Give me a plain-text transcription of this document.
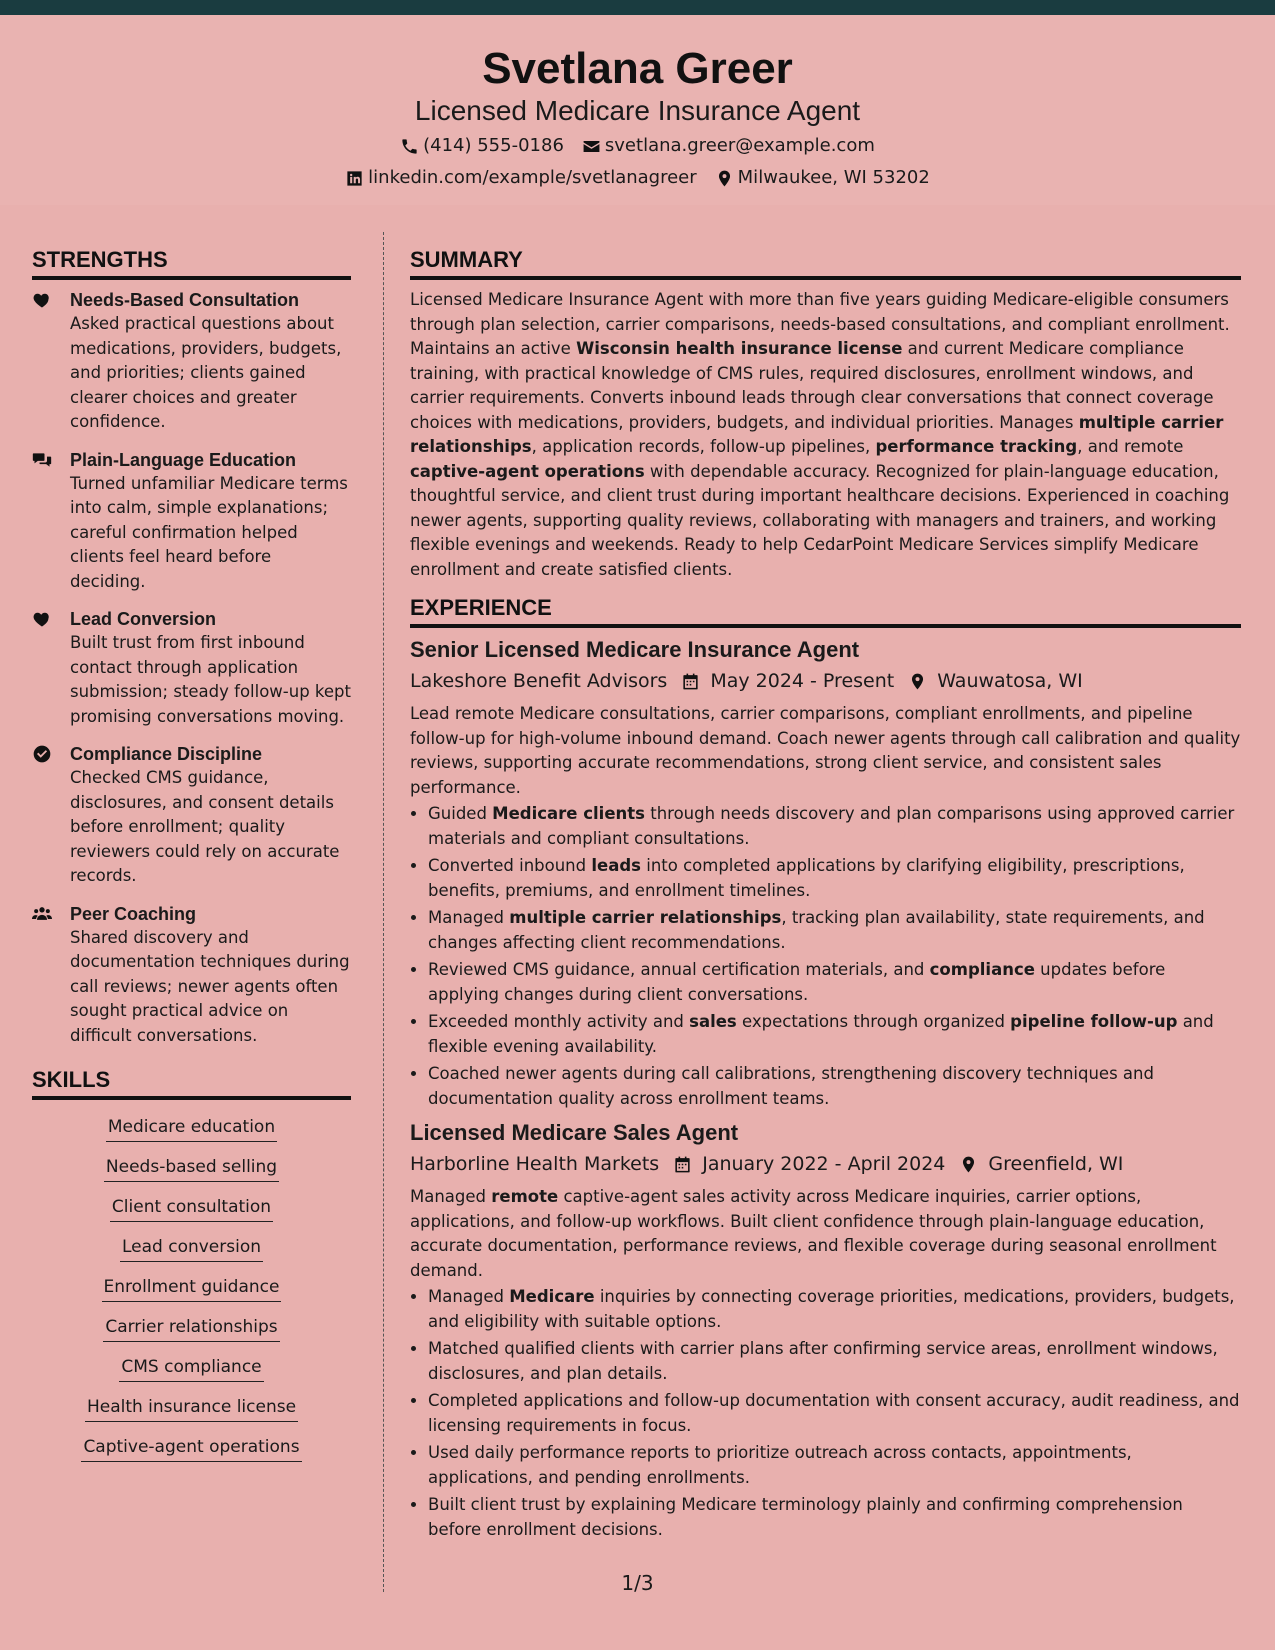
Svetlana Greer
Licensed Medicare Insurance Agent
(414) 555-0186 svetlana.greer@example.com
linkedin.com/example/svetlanagreer Milwaukee, WI 53202
STRENGTHS
Needs-Based Consultation
Asked practical questions about medications, providers, budgets, and priorities; clients gained clearer choices and greater confidence.
Plain-Language Education
Turned unfamiliar Medicare terms into calm, simple explanations; careful confirmation helped clients feel heard before deciding.
Lead Conversion
Built trust from first inbound contact through application submission; steady follow-up kept promising conversations moving.
Compliance Discipline
Checked CMS guidance, disclosures, and consent details before enrollment; quality reviewers could rely on accurate records.
Peer Coaching
Shared discovery and documentation techniques during call reviews; newer agents often sought practical advice on difficult conversations.
SKILLS
Medicare education
Needs-based selling
Client consultation
Lead conversion
Enrollment guidance
Carrier relationships
CMS compliance
Health insurance license
Captive-agent operations
SUMMARY

Licensed Medicare Insurance Agent with more than five years guiding Medicare-eligible consumers through plan selection, carrier comparisons, needs-based consultations, and compliant enrollment. Maintains an active Wisconsin health insurance license and current Medicare compliance training, with practical knowledge of CMS rules, required disclosures, enrollment windows, and carrier requirements. Converts inbound leads through clear conversations that connect coverage choices with medications, providers, budgets, and individual priorities. Manages multiple carrier relationships, application records, follow-up pipelines, performance tracking, and remote captive-agent operations with dependable accuracy. Recognized for plain-language education, thoughtful service, and client trust during important healthcare decisions. Experienced in coaching newer agents, supporting quality reviews, collaborating with managers and trainers, and working flexible evenings and weekends. Ready to help CedarPoint Medicare Services simplify Medicare enrollment and create satisfied clients.

EXPERIENCE
Senior Licensed Medicare Insurance Agent
Lakeshore Benefit Advisors May 2024 - Present Wauwatosa, WI

Lead remote Medicare consultations, carrier comparisons, compliant enrollments, and pipeline follow-up for high-volume inbound demand. Coach newer agents through call calibration and quality reviews, supporting accurate recommendations, strong client service, and consistent sales performance.

• Guided Medicare clients through needs discovery and plan comparisons using approved carrier materials and compliant consultations.
• Converted inbound leads into completed applications by clarifying eligibility, prescriptions, benefits, premiums, and enrollment timelines.
• Managed multiple carrier relationships, tracking plan availability, state requirements, and changes affecting client recommendations.
• Reviewed CMS guidance, annual certification materials, and compliance updates before applying changes during client conversations.
• Exceeded monthly activity and sales expectations through organized pipeline follow-up and flexible evening availability.
• Coached newer agents during call calibrations, strengthening discovery techniques and documentation quality across enrollment teams.
Licensed Medicare Sales Agent
Harborline Health Markets January 2022 - April 2024 Greenfield, WI

Managed remote captive-agent sales activity across Medicare inquiries, carrier options, applications, and follow-up workflows. Built client confidence through plain-language education, accurate documentation, performance reviews, and flexible coverage during seasonal enrollment demand.

• Managed Medicare inquiries by connecting coverage priorities, medications, providers, budgets, and eligibility with suitable options.
• Matched qualified clients with carrier plans after confirming service areas, enrollment windows, disclosures, and plan details.
• Completed applications and follow-up documentation with consent accuracy, audit readiness, and licensing requirements in focus.
• Used daily performance reports to prioritize outreach across contacts, appointments, applications, and pending enrollments.
• Built client trust by explaining Medicare terminology plainly and confirming comprehension before enrollment decisions.
1/3
